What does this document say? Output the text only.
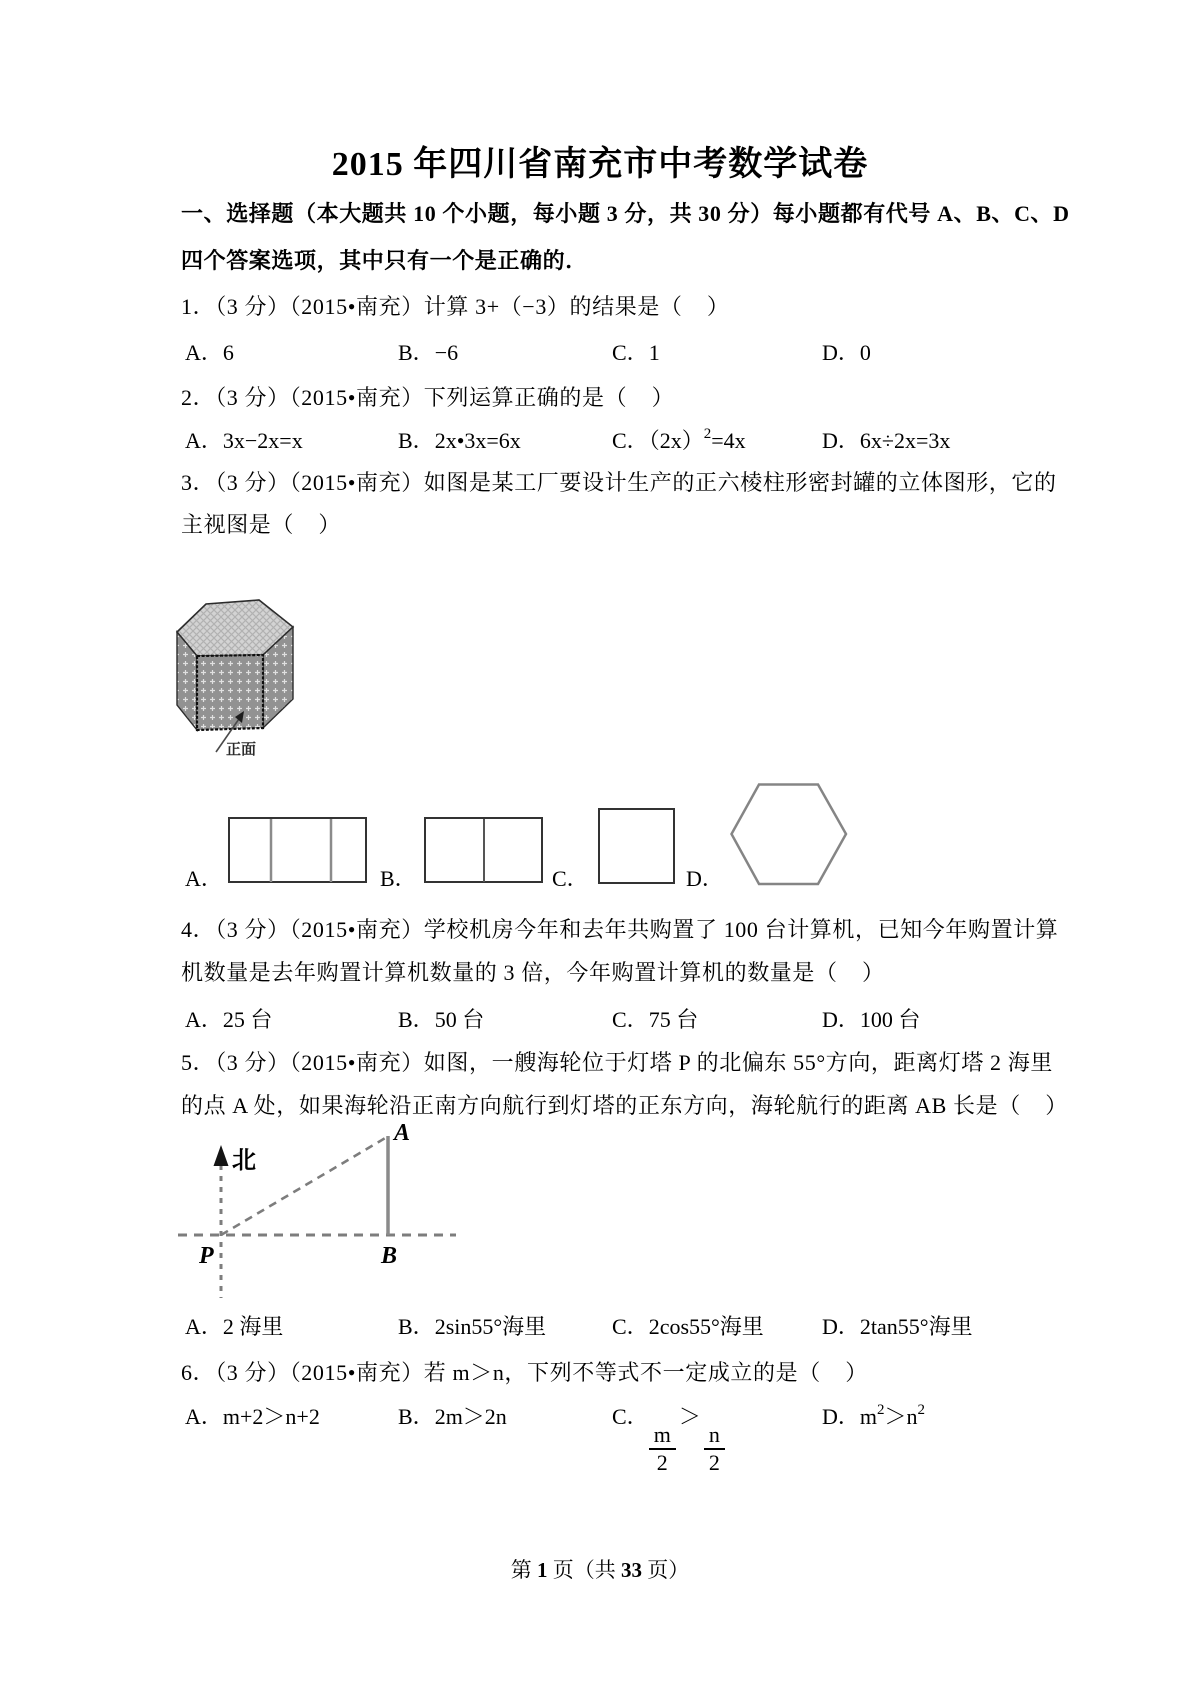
2015 年四川省南充市中考数学试卷
一、选择题（本大题共 10 个小题，每小题 3 分，共 30 分）每小题都有代号 A、B、C、D
四个答案选项，其中只有一个是正确的．
1．（3 分）（2015•南充）计算 3+（−3）的结果是（    ）
A．6	B．−6	C．1	D．0
2．（3 分）（2015•南充）下列运算正确的是（    ）
A．3x−2x=x	B．2x•3x=6x	C．$(2x)^2=4x$	D．6x÷2x=3x
3．（3 分）（2015•南充）如图是某工厂要设计生产的正六棱柱形密封罐的立体图形，它的
主视图是（    ）
正面
A．	B．	C．	D．
4．（3 分）（2015•南充）学校机房今年和去年共购置了 100 台计算机，已知今年购置计算
机数量是去年购置计算机数量的 3 倍，今年购置计算机的数量是（    ）
A．25 台	B．50 台	C．75 台	D．100 台
5．（3 分）（2015•南充）如图，一艘海轮位于灯塔 P 的北偏东 55°方向，距离灯塔 2 海里
的点 A 处，如果海轮沿正南方向航行到灯塔的正东方向，海轮航行的距离 AB 长是（    ）
北
A
P	B
A．2 海里	B．2sin55°海里	C．2cos55°海里	D．2tan55°海里
6．（3 分）（2015•南充）若 m＞n，下列不等式不一定成立的是（    ）
A．m+2＞n+2	B．2m＞2n	C．
$\frac{m}{2}$
＞
$\frac{n}{2}$
D．$m^2>n^2$
第 1 页（共 33 页）
